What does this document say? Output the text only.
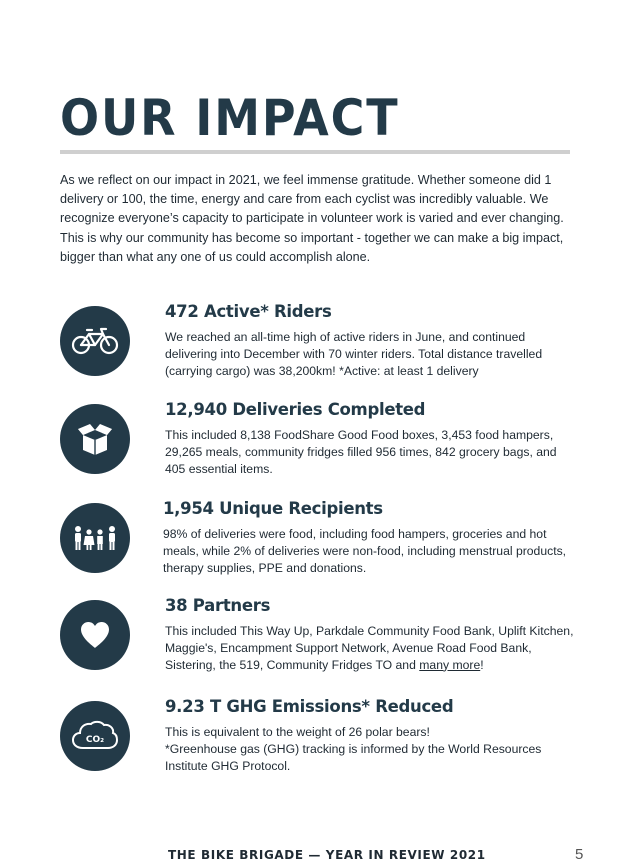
OUR IMPACT

As we reflect on our impact in 2021, we feel immense gratitude. Whether someone did 1 delivery or 100, the time, energy and care from each cyclist was incredibly valuable. We recognize everyone’s capacity to participate in volunteer work is varied and ever changing. This is why our community has become so important - together we can make a big impact, bigger than what any one of us could accomplish alone.

472 Active* Riders

We reached an all-time high of active riders in June, and continued delivering into December with 70 winter riders. Total distance travelled (carrying cargo) was 38,200km! *Active: at least 1 delivery

12,940 Deliveries Completed

This included 8,138 FoodShare Good Food boxes, 3,453 food hampers, 29,265 meals, community fridges filled 956 times, 842 grocery bags, and 405 essential items.

1,954 Unique Recipients

98% of deliveries were food, including food hampers, groceries and hot meals, while 2% of deliveries were non-food, including menstrual products, therapy supplies, PPE and donations.

38 Partners

This included This Way Up, Parkdale Community Food Bank, Uplift Kitchen, Maggie's, Encampment Support Network, Avenue Road Food Bank, Sistering, the 519, Community Fridges TO and many more!

CO₂
9.23 T GHG Emissions* Reduced

This is equivalent to the weight of 26 polar bears!
*Greenhouse gas (GHG) tracking is informed by the World Resources Institute GHG Protocol.

THE BIKE BRIGADE — YEAR IN REVIEW 2021	5
